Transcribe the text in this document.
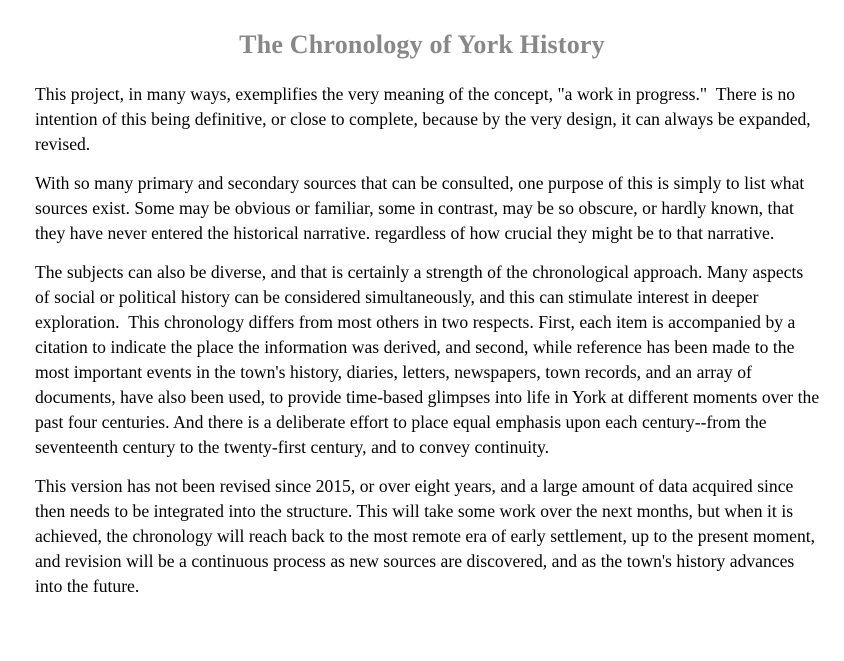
The Chronology of York History

This project, in many ways, exemplifies the very meaning of the concept, "a work in progress."  There is no intention of this being definitive, or close to complete, because by the very design, it can always be expanded, revised.

With so many primary and secondary sources that can be consulted, one purpose of this is simply to list what sources exist. Some may be obvious or familiar, some in contrast, may be so obscure, or hardly known, that they have never entered the historical narrative. regardless of how crucial they might be to that narrative.

The subjects can also be diverse, and that is certainly a strength of the chronological approach. Many aspects of social or political history can be considered simultaneously, and this can stimulate interest in deeper exploration.  This chronology differs from most others in two respects. First, each item is accompanied by a citation to indicate the place the information was derived, and second, while reference has been made to the most important events in the town's history, diaries, letters, newspapers, town records, and an array of documents, have also been used, to provide time-based glimpses into life in York at different moments over the past four centuries. And there is a deliberate effort to place equal emphasis upon each century--from the seventeenth century to the twenty-first century, and to convey continuity.

This version has not been revised since 2015, or over eight years, and a large amount of data acquired since then needs to be integrated into the structure. This will take some work over the next months, but when it is achieved, the chronology will reach back to the most remote era of early settlement, up to the present moment, and revision will be a continuous process as new sources are discovered, and as the town's history advances into the future.
